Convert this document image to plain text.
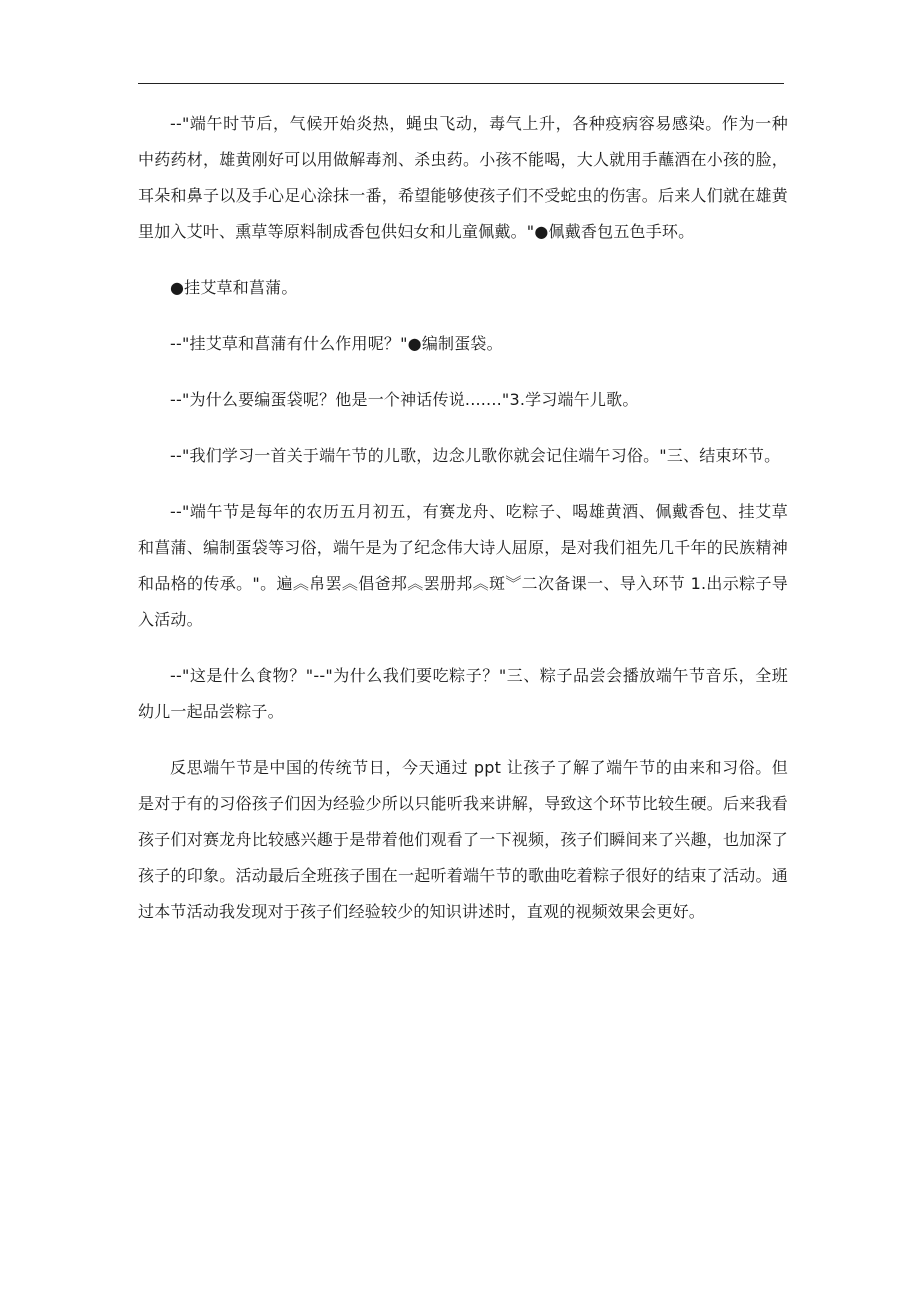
--"端午时节后，气候开始炎热，蝇虫飞动，毒气上升，各种疫病容易感染。作为一种中药药材，雄黄刚好可以用做解毒剂、杀虫药。小孩不能喝，大人就用手蘸酒在小孩的脸，耳朵和鼻子以及手心足心涂抹一番，希望能够使孩子们不受蛇虫的伤害。后来人们就在雄黄里加入艾叶、熏草等原料制成香包供妇女和儿童佩戴。"●佩戴香包五色手环。

●挂艾草和菖蒲。

--"挂艾草和菖蒲有什么作用呢？"●编制蛋袋。

--"为什么要编蛋袋呢？他是一个神话传说......."3.学习端午儿歌。

--"我们学习一首关于端午节的儿歌，边念儿歌你就会记住端午习俗。"三、结束环节。

--"端午节是每年的农历五月初五，有赛龙舟、吃粽子、喝雄黄酒、佩戴香包、挂艾草和菖蒲、编制蛋袋等习俗，端午是为了纪念伟大诗人屈原，是对我们祖先几千年的民族精神和品格的传承。"。遍︽帛罢︽倡爸邦︽罢册邦︽斑︾二次备课一、导入环节 1.出示粽子导入活动。

--"这是什么食物？"--"为什么我们要吃粽子？"三、粽子品尝会播放端午节音乐，全班幼儿一起品尝粽子。

反思端午节是中国的传统节日，今天通过 ppt 让孩子了解了端午节的由来和习俗。但是对于有的习俗孩子们因为经验少所以只能听我来讲解，导致这个环节比较生硬。后来我看孩子们对赛龙舟比较感兴趣于是带着他们观看了一下视频，孩子们瞬间来了兴趣，也加深了孩子的印象。活动最后全班孩子围在一起听着端午节的歌曲吃着粽子很好的结束了活动。通过本节活动我发现对于孩子们经验较少的知识讲述时，直观的视频效果会更好。
